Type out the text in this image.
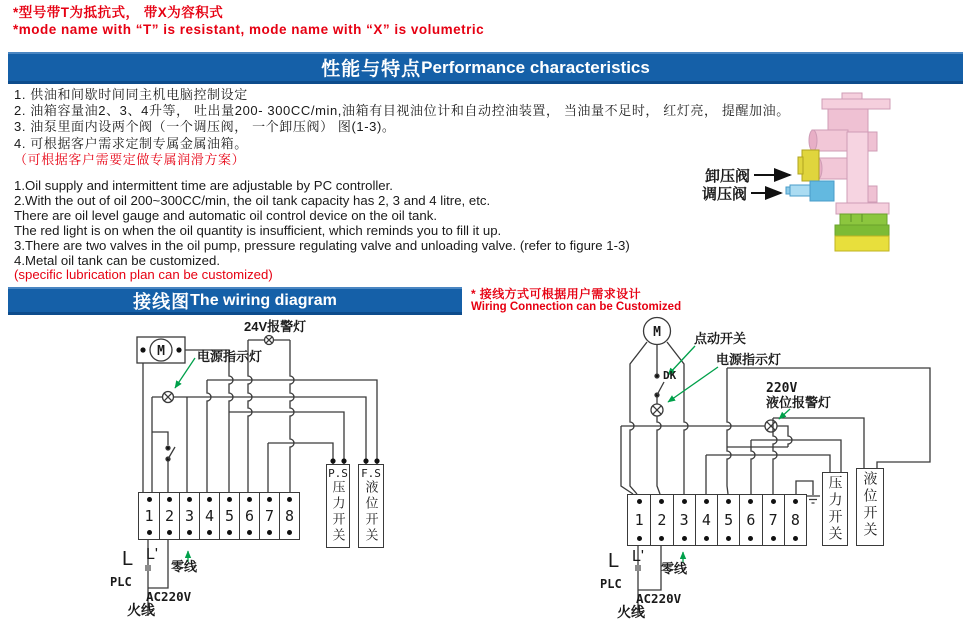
*型号带T为抵抗式， 带X为容积式
*mode name with “T” is resistant, mode name with “X” is volumetric
性能与特点 Performance characteristics
1. 供油和间歇时间同主机电脑控制设定
2. 油箱容量油2、3、4升等， 吐出量200- 300CC/min,油箱有目视油位计和自动控油装置， 当油量不足时， 红灯亮， 提醒加油。
3. 油泵里面内设两个阀（一个调压阀， 一个卸压阀） 图(1-3)。
4. 可根据客户需求定制专属金属油箱。
（可根据客户需要定做专属润滑方案）
1.Oil supply and intermittent time are adjustable by PC controller.
2.With the out of oil 200~300CC/min, the oil tank capacity has 2, 3 and 4 litre, etc.
There are oil level gauge and automatic oil control device on the oil tank.
The red light is on when the oil quantity is insufficient, which reminds you to fill it up.
3.There are two valves in the oil pump, pressure regulating valve and unloading valve. (refer to figure 1-3)
4.Metal oil tank can be customized.
(specific lubrication plan can be customized)
接线图 The wiring diagram	* 接线方式可根据用户需求设计
Wiring Connection can be Customized
卸压阀
调压阀
M
24V报警灯
电源指示灯
L L'
PLC
零线
AC220V
火线
M	点动开关
电源指示灯
DK
220V
液位报警灯
L L'
PLC
零线
AC220V
火线
1 2 3 4 5 6 7 8	1 2 3 4 5 6 7 8
P.S
压力开关
F.S
液位开关	压力开关 液位开关
